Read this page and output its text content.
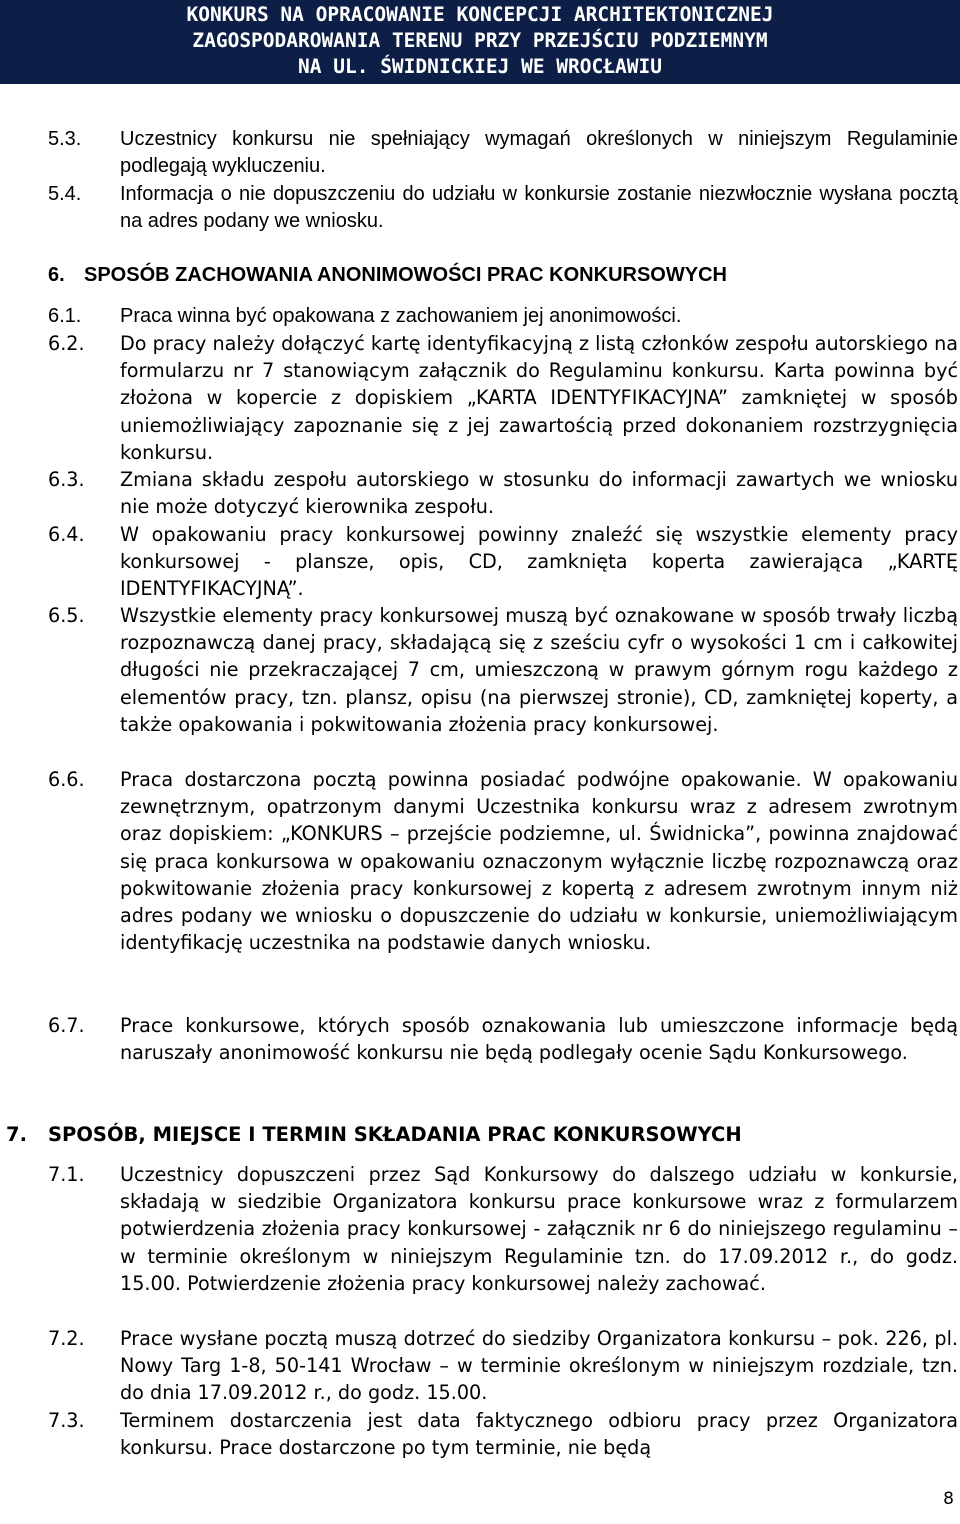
KONKURS NA OPRACOWANIE KONCEPCJI ARCHITEKTONICZNEJ
ZAGOSPODAROWANIA TERENU PRZY PRZEJŚCIU PODZIEMNYM
NA UL. ŚWIDNICKIEJ WE WROCŁAWIU
5.3. Uczestnicy konkursu nie spełniający wymagań określonych w niniejszym Regulaminie podlegają wykluczeniu.
5.4. Informacja o nie dopuszczeniu do udziału w konkursie zostanie niezwłocznie wysłana pocztą na adres podany we wniosku.
6. SPOSÓB ZACHOWANIA ANONIMOWOŚCI PRAC KONKURSOWYCH
6.1. Praca winna być opakowana z zachowaniem jej anonimowości.
6.2. Do pracy należy dołączyć kartę identyfikacyjną z listą członków zespołu autorskiego na formularzu nr 7 stanowiącym załącznik do Regulaminu konkursu. Karta powinna być złożona w kopercie z dopiskiem „KARTA IDENTYFIKACYJNA” zamkniętej w sposób uniemożliwiający zapoznanie się z jej zawartością przed dokonaniem rozstrzygnięcia konkursu.
6.3. Zmiana składu zespołu autorskiego w stosunku do informacji zawartych we wniosku nie może dotyczyć kierownika zespołu.
6.4. W opakowaniu pracy konkursowej powinny znaleźć się wszystkie elementy pracy konkursowej - plansze, opis, CD, zamknięta koperta zawierająca „KARTĘ IDENTYFIKACYJNĄ”.
6.5. Wszystkie elementy pracy konkursowej muszą być oznakowane w sposób trwały liczbą rozpoznawczą danej pracy, składającą się z sześciu cyfr o wysokości 1 cm i całkowitej długości nie przekraczającej 7 cm, umieszczoną w prawym górnym rogu każdego z elementów pracy, tzn. plansz, opisu (na pierwszej stronie), CD, zamkniętej koperty, a także opakowania i pokwitowania złożenia pracy konkursowej.
6.6. Praca dostarczona pocztą powinna posiadać podwójne opakowanie. W opakowaniu zewnętrznym, opatrzonym danymi Uczestnika konkursu wraz z adresem zwrotnym oraz dopiskiem: „KONKURS – przejście podziemne, ul. Świdnicka”, powinna znajdować się praca konkursowa w opakowaniu oznaczonym wyłącznie liczbę rozpoznawczą oraz pokwitowanie złożenia pracy konkursowej z kopertą z adresem zwrotnym innym niż adres podany we wniosku o dopuszczenie do udziału w konkursie, uniemożliwiającym identyfikację uczestnika na podstawie danych wniosku.
6.7. Prace konkursowe, których sposób oznakowania lub umieszczone informacje będą naruszały anonimowość konkursu nie będą podlegały ocenie Sądu Konkursowego.
7. SPOSÓB, MIEJSCE I TERMIN SKŁADANIA PRAC KONKURSOWYCH
7.1. Uczestnicy dopuszczeni przez Sąd Konkursowy do dalszego udziału w konkursie, składają w siedzibie Organizatora konkursu prace konkursowe wraz z formularzem potwierdzenia złożenia pracy konkursowej - załącznik nr 6 do niniejszego regulaminu – w terminie określonym w niniejszym Regulaminie tzn. do 17.09.2012 r., do godz. 15.00. Potwierdzenie złożenia pracy konkursowej należy zachować.
7.2. Prace wysłane pocztą muszą dotrzeć do siedziby Organizatora konkursu – pok. 226, pl. Nowy Targ 1-8, 50-141 Wrocław – w terminie określonym w niniejszym rozdziale, tzn. do dnia 17.09.2012 r., do godz. 15.00.
7.3. Terminem dostarczenia jest data faktycznego odbioru pracy przez Organizatora konkursu. Prace dostarczone po tym terminie, nie będą
8
